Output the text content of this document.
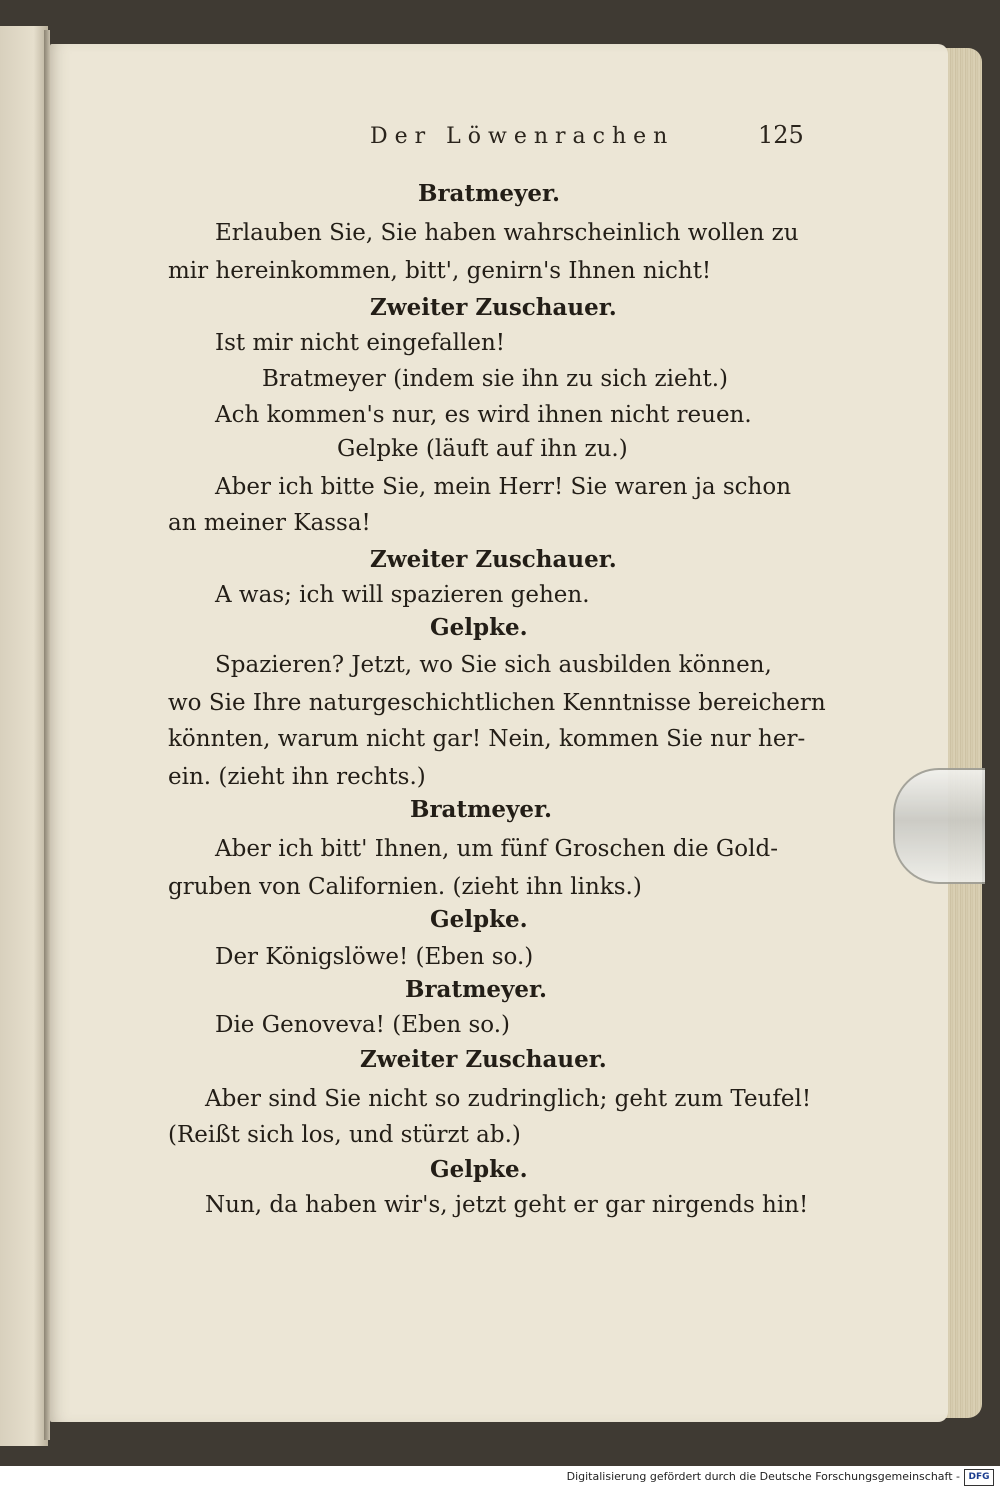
Der Löwenrachen	125
Bratmeyer.
Erlauben Sie, Sie haben wahrscheinlich wollen zu
mir hereinkommen, bitt', genirn's Ihnen nicht!
Zweiter Zuschauer.
Ist mir nicht eingefallen!
Bratmeyer (indem sie ihn zu sich zieht.)
Ach kommen's nur, es wird ihnen nicht reuen.
Gelpke (läuft auf ihn zu.)
Aber ich bitte Sie, mein Herr! Sie waren ja schon
an meiner Kassa!
Zweiter Zuschauer.
A was; ich will spazieren gehen.
Gelpke.
Spazieren? Jetzt, wo Sie sich ausbilden können,
wo Sie Ihre naturgeschichtlichen Kenntnisse bereichern
könnten, warum nicht gar! Nein, kommen Sie nur her-
ein. (zieht ihn rechts.)
Bratmeyer.
Aber ich bitt' Ihnen, um fünf Groschen die Gold-
gruben von Californien. (zieht ihn links.)
Gelpke.
Der Königslöwe! (Eben so.)
Bratmeyer.
Die Genoveva! (Eben so.)
Zweiter Zuschauer.
Aber sind Sie nicht so zudringlich; geht zum Teufel!
(Reißt sich los, und stürzt ab.)
Gelpke.
Nun, da haben wir's, jetzt geht er gar nirgends hin!
Digitalisierung gefördert durch die Deutsche Forschungsgemeinschaft - DFG
